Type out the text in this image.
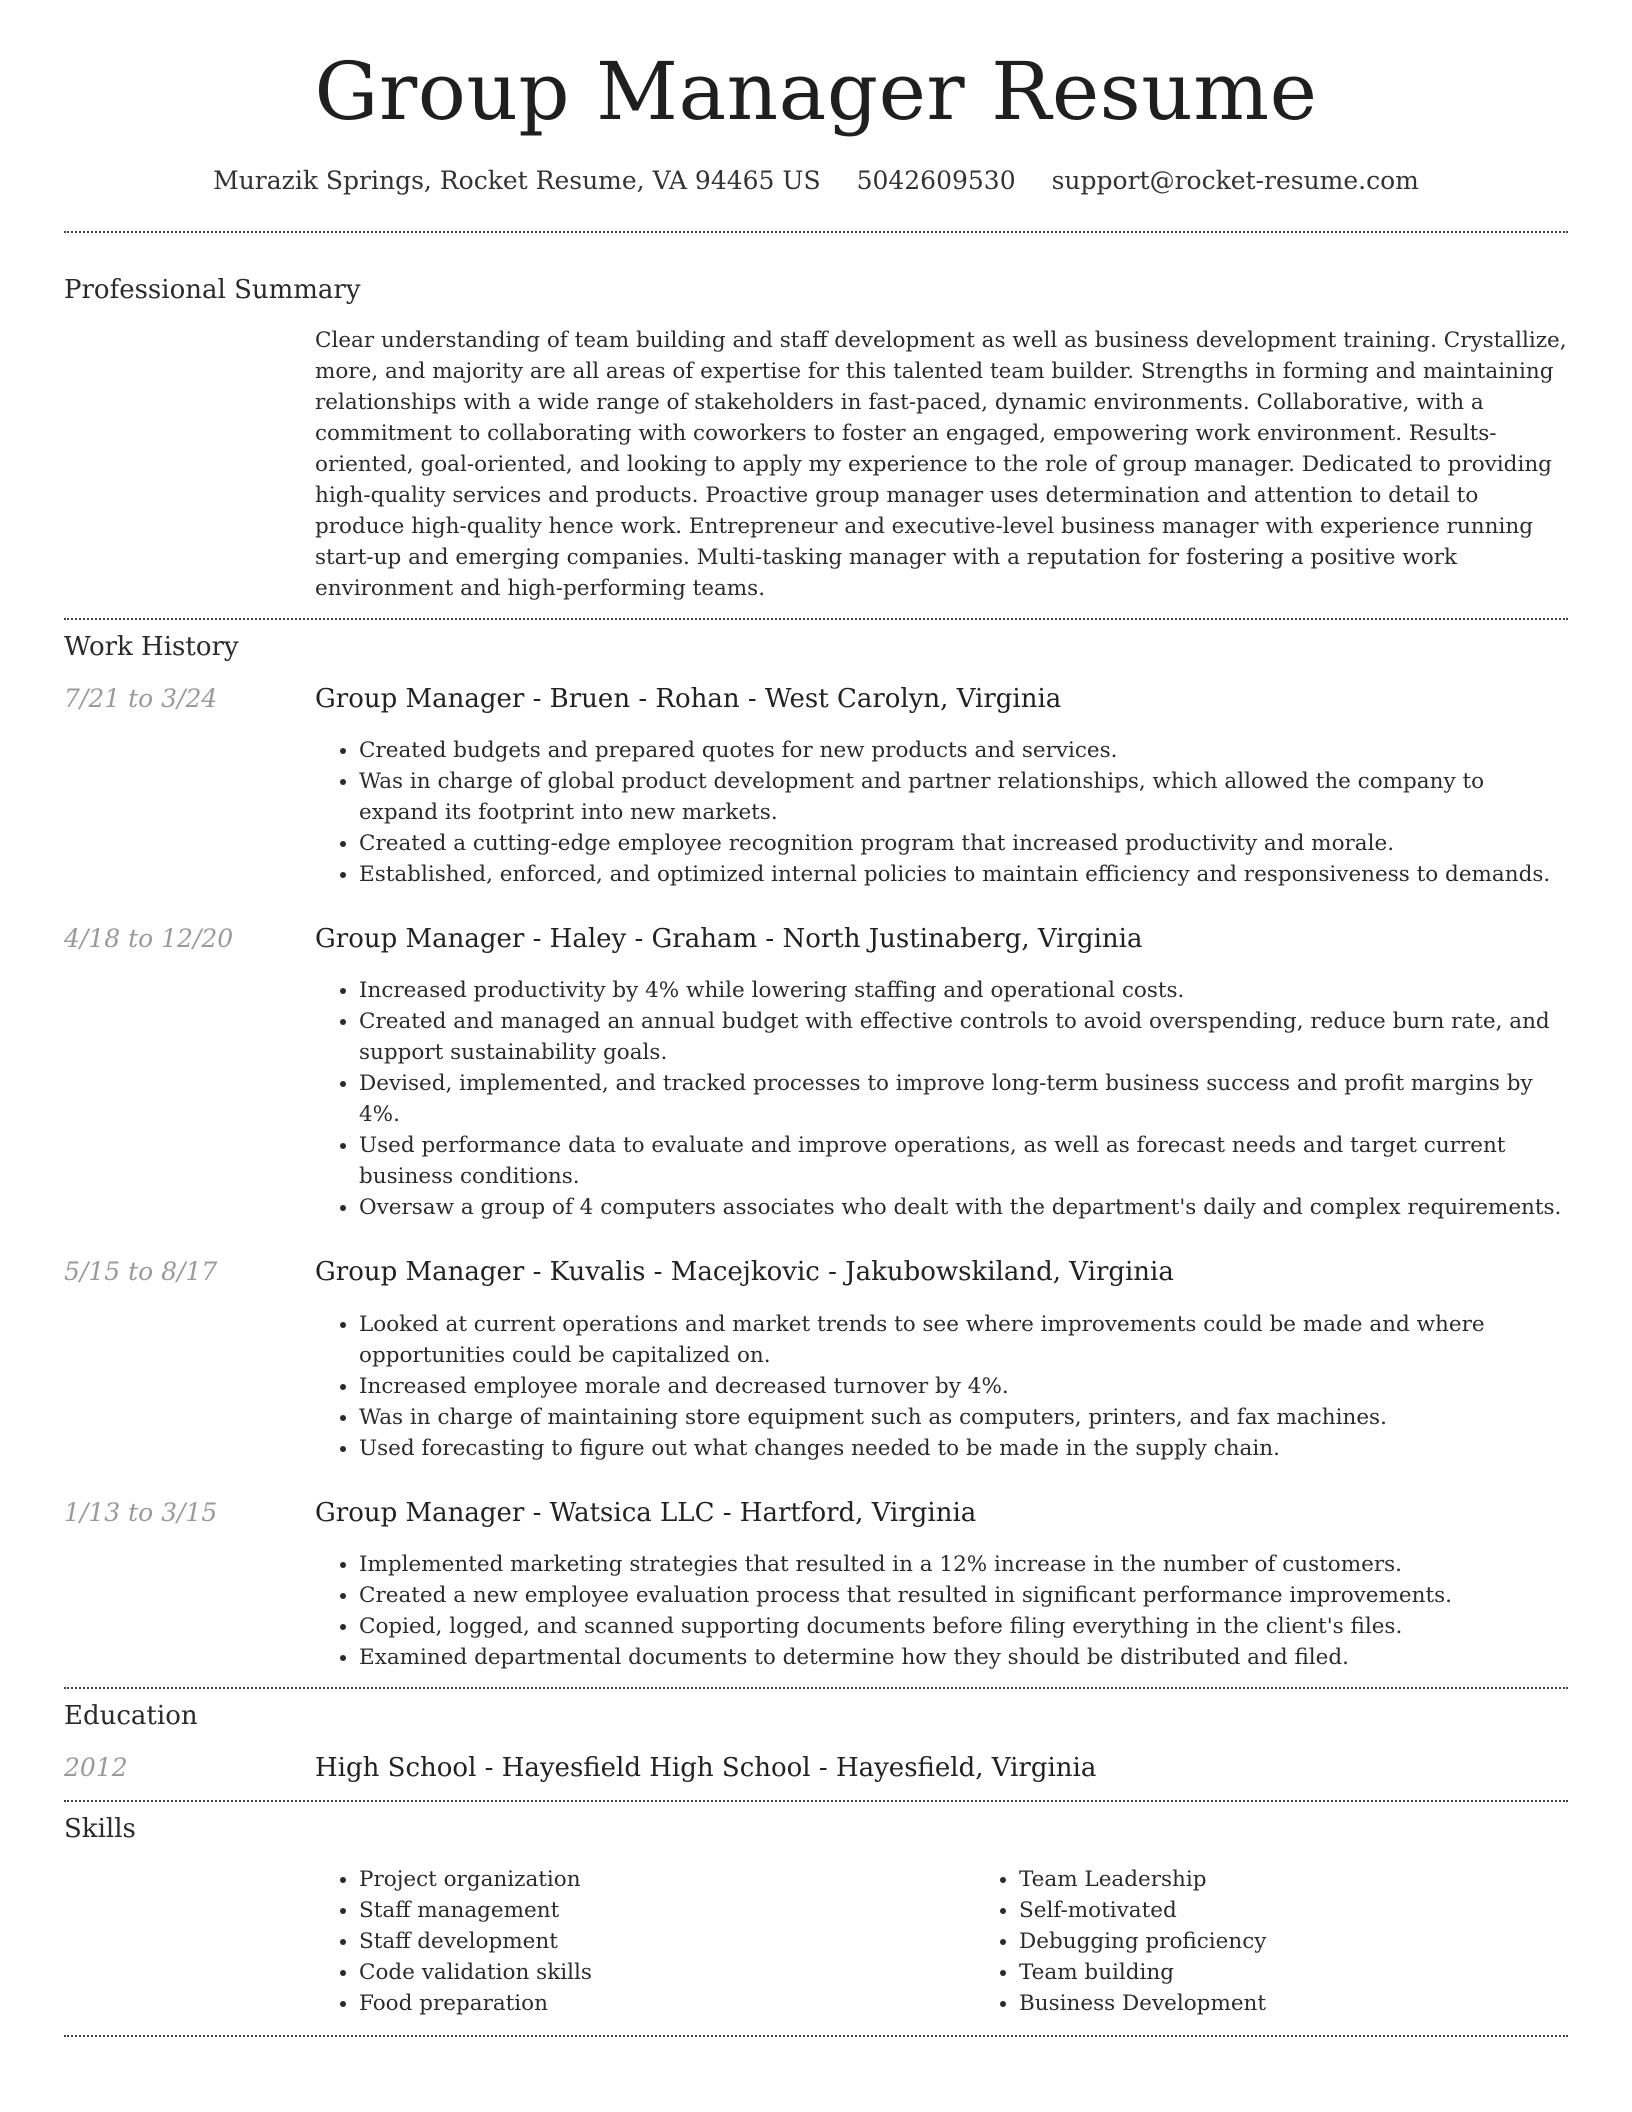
Group Manager Resume
Murazik Springs, Rocket Resume, VA 94465 US 5042609530 support@rocket-resume.com
Professional Summary
Clear understanding of team building and staff development as well as business development training. Crystallize, more, and majority are all areas of expertise for this talented team builder. Strengths in forming and maintaining relationships with a wide range of stakeholders in fast-paced, dynamic environments. Collaborative, with a commitment to collaborating with coworkers to foster an engaged, empowering work environment. Results-oriented, goal-oriented, and looking to apply my experience to the role of group manager. Dedicated to providing high-quality services and products. Proactive group manager uses determination and attention to detail to produce high-quality hence work. Entrepreneur and executive-level business manager with experience running start-up and emerging companies. Multi-tasking manager with a reputation for fostering a positive work environment and high-performing teams.
Work History
7/21 to 3/24	Group Manager - Bruen - Rohan - West Carolyn, Virginia
• Created budgets and prepared quotes for new products and services.
• Was in charge of global product development and partner relationships, which allowed the company to expand its footprint into new markets.
• Created a cutting-edge employee recognition program that increased productivity and morale.
• Established, enforced, and optimized internal policies to maintain efficiency and responsiveness to demands.
4/18 to 12/20	Group Manager - Haley - Graham - North Justinaberg, Virginia
• Increased productivity by 4% while lowering staffing and operational costs.
• Created and managed an annual budget with effective controls to avoid overspending, reduce burn rate, and support sustainability goals.
• Devised, implemented, and tracked processes to improve long-term business success and profit margins by 4%.
• Used performance data to evaluate and improve operations, as well as forecast needs and target current business conditions.
• Oversaw a group of 4 computers associates who dealt with the department's daily and complex requirements.
5/15 to 8/17	Group Manager - Kuvalis - Macejkovic - Jakubowskiland, Virginia
• Looked at current operations and market trends to see where improvements could be made and where opportunities could be capitalized on.
• Increased employee morale and decreased turnover by 4%.
• Was in charge of maintaining store equipment such as computers, printers, and fax machines.
• Used forecasting to figure out what changes needed to be made in the supply chain.
1/13 to 3/15	Group Manager - Watsica LLC - Hartford, Virginia
• Implemented marketing strategies that resulted in a 12% increase in the number of customers.
• Created a new employee evaluation process that resulted in significant performance improvements.
• Copied, logged, and scanned supporting documents before filing everything in the client's files.
• Examined departmental documents to determine how they should be distributed and filed.
Education
2012	High School - Hayesfield High School - Hayesfield, Virginia
Skills
• Project organization
• Staff management
• Staff development
• Code validation skills
• Food preparation
• Team Leadership
• Self-motivated
• Debugging proficiency
• Team building
• Business Development
